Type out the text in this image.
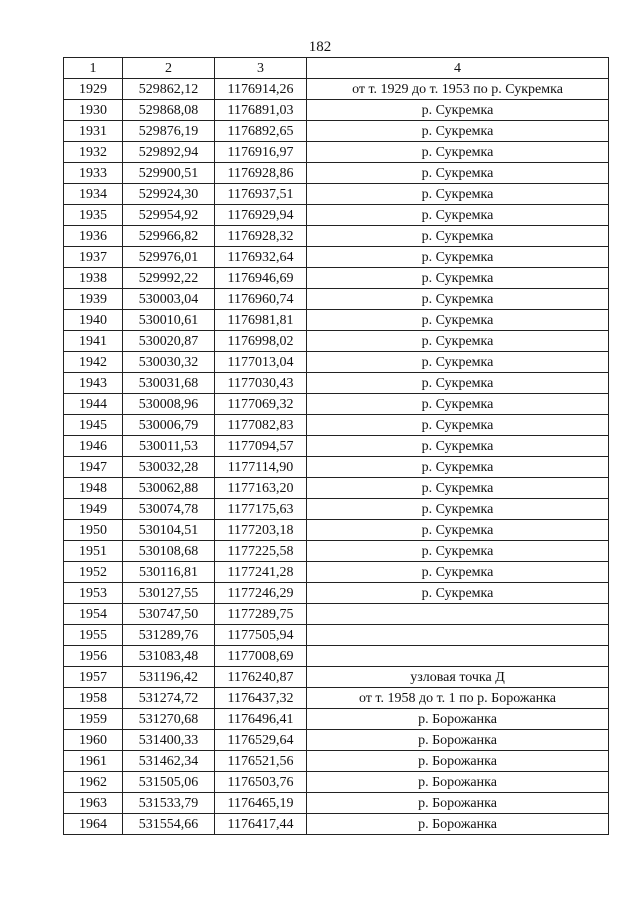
182
1	2	3	4
1929	529862,12	1176914,26	от т. 1929 до т. 1953 по р. Сукремка
1930	529868,08	1176891,03	р. Сукремка
1931	529876,19	1176892,65	р. Сукремка
1932	529892,94	1176916,97	р. Сукремка
1933	529900,51	1176928,86	р. Сукремка
1934	529924,30	1176937,51	р. Сукремка
1935	529954,92	1176929,94	р. Сукремка
1936	529966,82	1176928,32	р. Сукремка
1937	529976,01	1176932,64	р. Сукремка
1938	529992,22	1176946,69	р. Сукремка
1939	530003,04	1176960,74	р. Сукремка
1940	530010,61	1176981,81	р. Сукремка
1941	530020,87	1176998,02	р. Сукремка
1942	530030,32	1177013,04	р. Сукремка
1943	530031,68	1177030,43	р. Сукремка
1944	530008,96	1177069,32	р. Сукремка
1945	530006,79	1177082,83	р. Сукремка
1946	530011,53	1177094,57	р. Сукремка
1947	530032,28	1177114,90	р. Сукремка
1948	530062,88	1177163,20	р. Сукремка
1949	530074,78	1177175,63	р. Сукремка
1950	530104,51	1177203,18	р. Сукремка
1951	530108,68	1177225,58	р. Сукремка
1952	530116,81	1177241,28	р. Сукремка
1953	530127,55	1177246,29	р. Сукремка
1954	530747,50	1177289,75	
1955	531289,76	1177505,94	
1956	531083,48	1177008,69	
1957	531196,42	1176240,87	узловая точка Д
1958	531274,72	1176437,32	от т. 1958 до т. 1 по р. Борожанка
1959	531270,68	1176496,41	р. Борожанка
1960	531400,33	1176529,64	р. Борожанка
1961	531462,34	1176521,56	р. Борожанка
1962	531505,06	1176503,76	р. Борожанка
1963	531533,79	1176465,19	р. Борожанка
1964	531554,66	1176417,44	р. Борожанка
